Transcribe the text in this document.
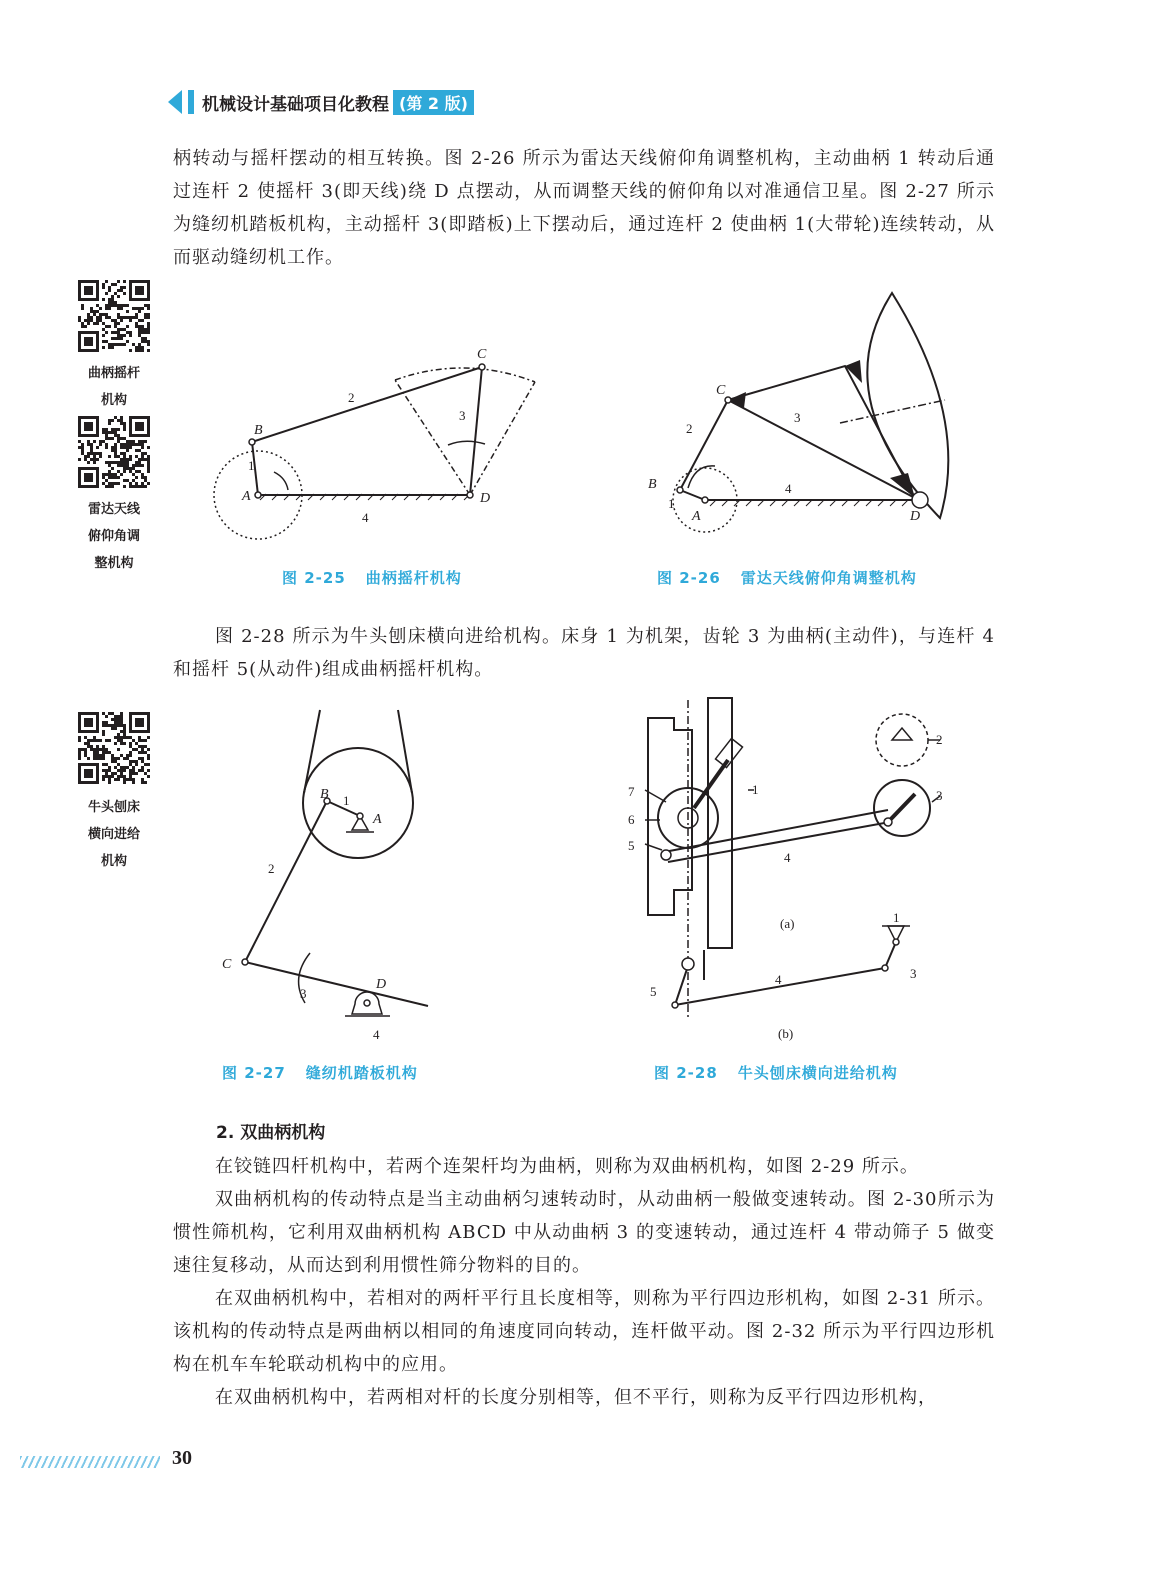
机械设计基础项目化教程 (第 2 版)

柄转动与摇杆摆动的相互转换。图 2-26 所示为雷达天线俯仰角调整机构，主动曲柄 1 转动后通过连杆 2 使摇杆 3(即天线)绕 D 点摆动，从而调整天线的俯仰角以对准通信卫星。图 2-27 所示为缝纫机踏板机构，主动摇杆 3(即踏板)上下摆动后，通过连杆 2 使曲柄 1(大带轮)连续转动，从而驱动缝纫机工作。

曲柄摇杆
机构
雷达天线
俯仰角调
整机构
牛头刨床
横向进给
机构
A
B
C
D
1
2
3
4
图 2-25 曲柄摇杆机构
A
B
C
D
1
2
3
4
图 2-26 雷达天线俯仰角调整机构

图 2-28 所示为牛头刨床横向进给机构。床身 1 为机架，齿轮 3 为曲柄(主动件)，与连杆 4 和摇杆 5(从动件)组成曲柄摇杆机构。

A
B
C
D
1
2
3
4
图 2-27 缝纫机踏板机构
1
2
3
4
5
6
7
(a)	1
3
4
5
(b)
图 2-28 牛头刨床横向进给机构
2. 双曲柄机构

在铰链四杆机构中，若两个连架杆均为曲柄，则称为双曲柄机构，如图 2-29 所示。

双曲柄机构的传动特点是当主动曲柄匀速转动时，从动曲柄一般做变速转动。图 2-30所示为惯性筛机构，它利用双曲柄机构 ABCD 中从动曲柄 3 的变速转动，通过连杆 4 带动筛子 5 做变速往复移动，从而达到利用惯性筛分物料的目的。

在双曲柄机构中，若相对的两杆平行且长度相等，则称为平行四边形机构，如图 2-31 所示。该机构的传动特点是两曲柄以相同的角速度同向转动，连杆做平动。图 2-32 所示为平行四边形机构在机车车轮联动机构中的应用。

在双曲柄机构中，若两相对杆的长度分别相等，但不平行，则称为反平行四边形机构，

30
